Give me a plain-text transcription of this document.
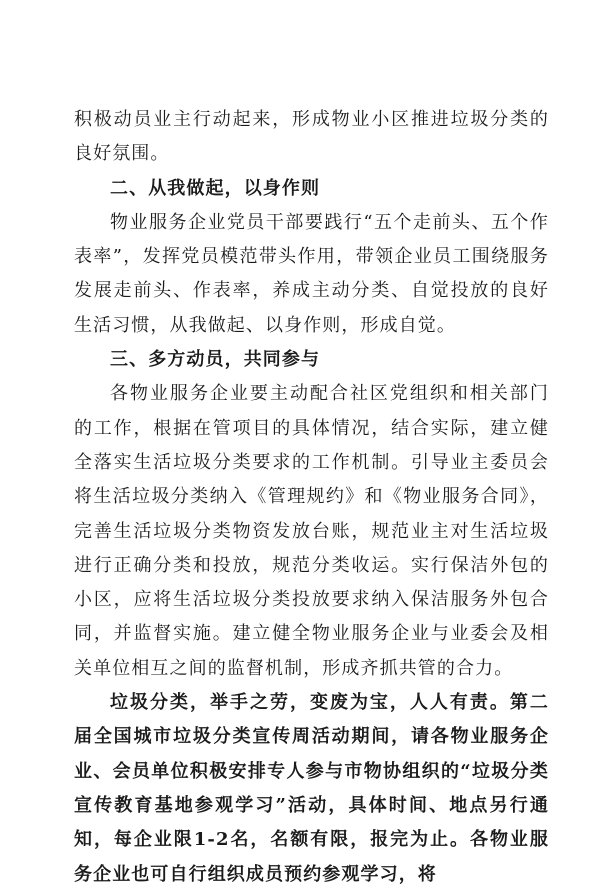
积极动员业主行动起来，形成物业小区推进垃圾分类的良好氛围。

二、从我做起，以身作则

物业服务企业党员干部要践行“五个走前头、五个作表率”，发挥党员模范带头作用，带领企业员工围绕服务发展走前头、作表率，养成主动分类、自觉投放的良好生活习惯，从我做起、以身作则，形成自觉。

三、多方动员，共同参与

各物业服务企业要主动配合社区党组织和相关部门的工作，根据在管项目的具体情况，结合实际，建立健全落实生活垃圾分类要求的工作机制。引导业主委员会将生活垃圾分类纳入《管理规约》和《物业服务合同》，完善生活垃圾分类物资发放台账，规范业主对生活垃圾进行正确分类和投放，规范分类收运。实行保洁外包的小区，应将生活垃圾分类投放要求纳入保洁服务外包合同，并监督实施。建立健全物业服务企业与业委会及相关单位相互之间的监督机制，形成齐抓共管的合力。

垃圾分类，举手之劳，变废为宝，人人有责。第二届全国城市垃圾分类宣传周活动期间，请各物业服务企业、会员单位积极安排专人参与市物协组织的“垃圾分类宣传教育基地参观学习”活动，具体时间、地点另行通知，每企业限1-2名，名额有限，报完为止。各物业服务企业也可自行组织成员预约参观学习，将
